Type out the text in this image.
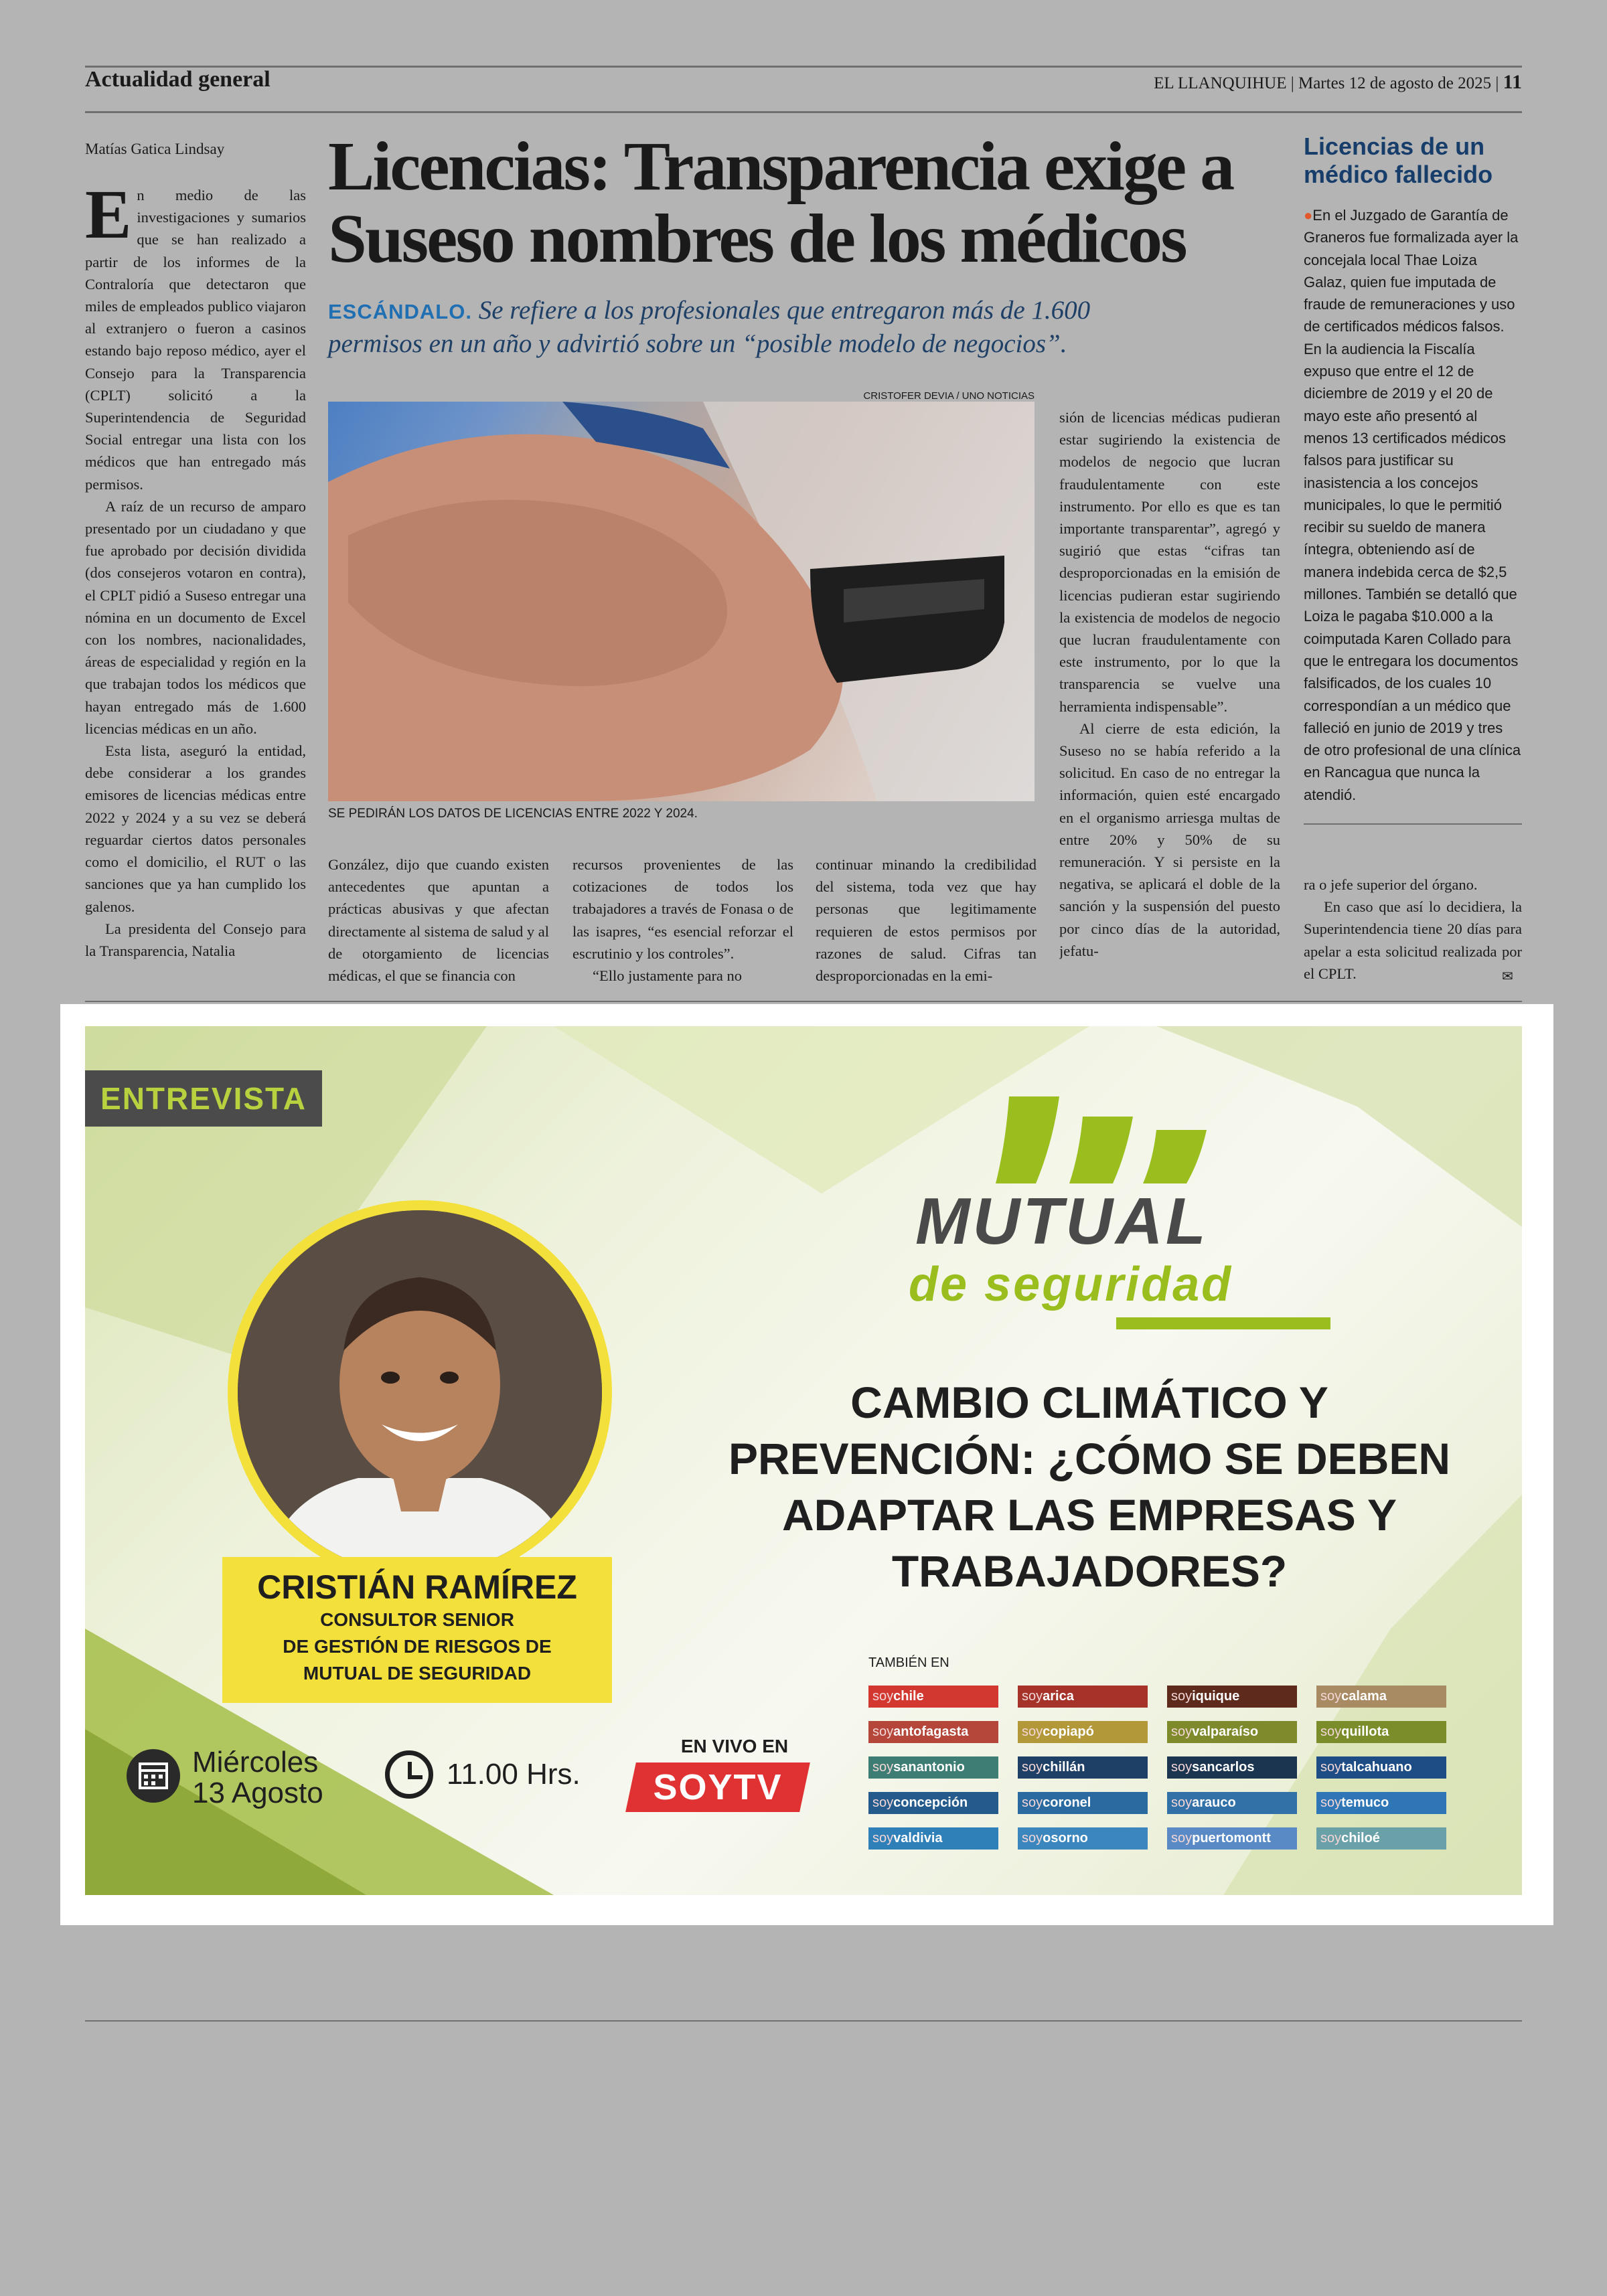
Actualidad general	EL LLANQUIHUE | Martes 12 de agosto de 2025 | 11
Matías Gatica Lindsay

En medio de las investigaciones y sumarios que se han realizado a partir de los informes de la Contraloría que detectaron que miles de empleados publico viajaron al extranjero o fueron a casinos estando bajo reposo médico, ayer el Consejo para la Transparencia (CPLT) solicitó a la Superintendencia de Seguridad Social entregar una lista con los médicos que han entregado más permisos.

A raíz de un recurso de amparo presentado por un ciudadano y que fue aprobado por decisión dividida (dos consejeros votaron en contra), el CPLT pidió a Suseso entregar una nómina en un documento de Excel con los nombres, nacionalidades, áreas de especialidad y región en la que trabajan todos los médicos que hayan entregado más de 1.600 licencias médicas en un año.

Esta lista, aseguró la entidad, debe considerar a los grandes emisores de licencias médicas entre 2022 y 2024 y a su vez se deberá reguardar ciertos datos personales como el domicilio, el RUT o las sanciones que ya han cumplido los galenos.

La presidenta del Consejo para la Transparencia, Natalia

Licencias: Transparencia exige a
Suseso nombres de los médicos
ESCÁNDALO. Se refiere a los profesionales que entregaron más de 1.600 permisos en un año y advirtió sobre un “posible modelo de negocios”.
CRISTOFER DEVIA / UNO NOTICIAS
SE PEDIRÁN LOS DATOS DE LICENCIAS ENTRE 2022 Y 2024.

González, dijo que cuando existen antecedentes que apuntan a prácticas abusivas y que afectan directamente al sistema de salud y al de otorgamiento de licencias médicas, el que se financia con

recursos provenientes de las cotizaciones de todos los trabajadores a través de Fonasa o de las isapres, “es esencial reforzar el escrutinio y los controles”.

“Ello justamente para no

continuar minando la credibilidad del sistema, toda vez que hay personas que legitimamente requieren de estos permisos por razones de salud. Cifras tan desproporcionadas en la emi-

sión de licencias médicas pudieran estar sugiriendo la existencia de modelos de negocio que lucran fraudulentamente con este instrumento. Por ello es que es tan importante transparentar”, agregó y sugirió que estas “cifras tan desproporcionadas en la emisión de licencias pudieran estar sugiriendo la existencia de modelos de negocio que lucran fraudulentamente con este instrumento, por lo que la transparencia se vuelve una herramienta indispensable”.

Al cierre de esta edición, la Suseso no se había referido a la solicitud. En caso de no entregar la información, quien esté encargado en el organismo arriesga multas de entre 20% y 50% de su remuneración. Y si persiste en la negativa, se aplicará el doble de la sanción y la suspensión del puesto por cinco días de la autoridad, jefatu-

Licencias de un médico fallecido
●En el Juzgado de Garantía de Graneros fue formalizada ayer la concejala local Thae Loiza Galaz, quien fue imputada de fraude de remuneraciones y uso de certificados médicos falsos. En la audiencia la Fiscalía expuso que entre el 12 de diciembre de 2019 y el 20 de mayo este año presentó al menos 13 certificados médicos falsos para justificar su inasistencia a los concejos municipales, lo que le permitió recibir su sueldo de manera íntegra, obteniendo así de manera indebida cerca de $2,5 millones. También se detalló que Loiza le pagaba $10.000 a la coimputada Karen Collado para que le entregara los documentos falsificados, de los cuales 10 correspondían a un médico que falleció en junio de 2019 y tres de otro profesional de una clínica en Rancagua que nunca la atendió.

ra o jefe superior del órgano.

En caso que así lo decidiera, la Superintendencia tiene 20 días para apelar a esta solicitud realizada por el CPLT.	✉
ENTREVISTA
MUTUAL
de seguridad
CAMBIO CLIMÁTICO Y
PREVENCIÓN: ¿CÓMO SE DEBEN
ADAPTAR LAS EMPRESAS Y
TRABAJADORES?
CRISTIÁN RAMÍREZ
CONSULTOR SENIOR
DE GESTIÓN DE RIESGOS DE
MUTUAL DE SEGURIDAD
Miércoles
13 Agosto
11.00 Hrs.
EN VIVO EN
SOYTV
TAMBIÉN EN
soychile	soyarica	soyiquique	soycalama
soyantofagasta	soycopiapó	soyvalparaíso	soyquillota
soysanantonio	soychillán	soysancarlos	soytalcahuano
soyconcepción	soycoronel	soyarauco	soytemuco
soyvaldivia	soyosorno	soypuertomontt	soychiloé
